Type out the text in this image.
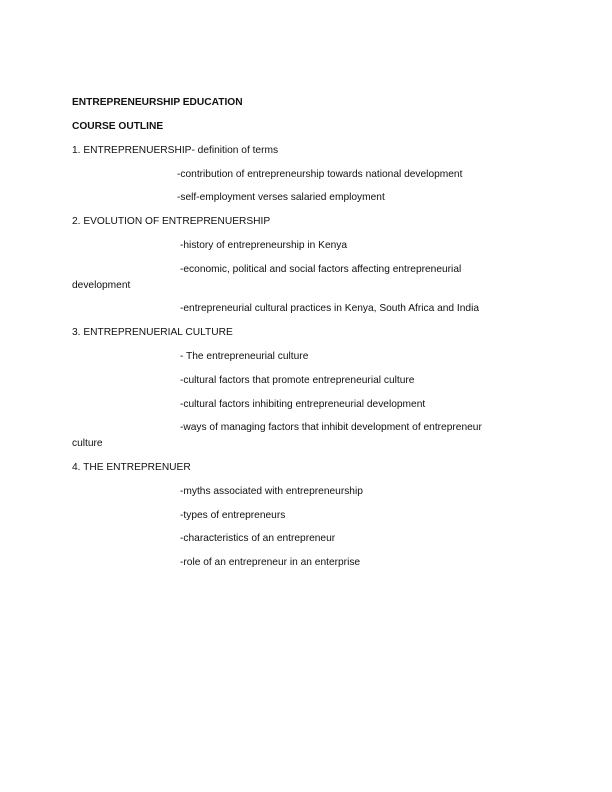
ENTREPRENEURSHIP EDUCATION
COURSE OUTLINE
1. ENTREPRENUERSHIP- definition of terms
-contribution of entrepreneurship towards national development
-self-employment verses salaried employment
2. EVOLUTION OF ENTREPRENUERSHIP
-history of entrepreneurship in Kenya
-economic, political and social factors affecting entrepreneurial
development
-entrepreneurial cultural practices in Kenya, South Africa and India
3. ENTREPRENUERIAL CULTURE
- The entrepreneurial culture
-cultural factors that promote entrepreneurial culture
-cultural factors inhibiting entrepreneurial development
-ways of managing factors that inhibit development of entrepreneur
culture
4. THE ENTREPRENUER
-myths associated with entrepreneurship
-types of entrepreneurs
-characteristics of an entrepreneur
-role of an entrepreneur in an enterprise
